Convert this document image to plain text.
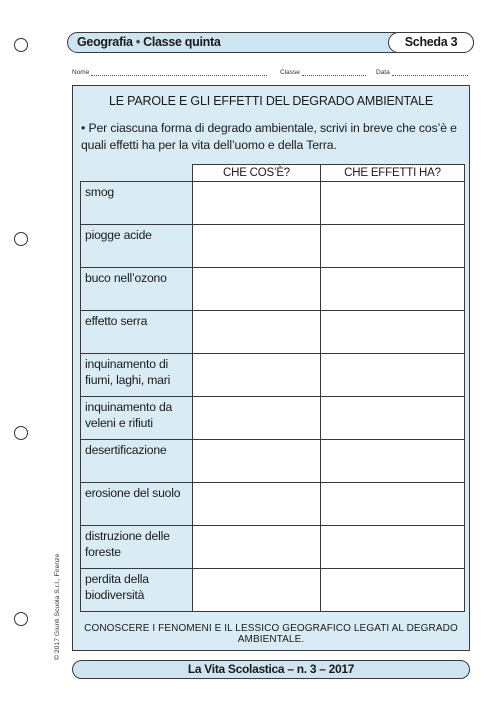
Geografia • Classe quinta	Scheda 3
Nome	Classe	Data
LE PAROLE E GLI EFFETTI DEL DEGRADO AMBIENTALE
• Per ciascuna forma di degrado ambientale, scrivi in breve che cos’è e quali effetti ha per la vita dell’uomo e della Terra.
	CHE COS’È?	CHE EFFETTI HA?
smog		
piogge acide		
buco nell’ozono		
effetto serra		
inquinamento di fiumi, laghi, mari		
inquinamento da veleni e rifiuti		
desertificazione		
erosione del suolo		
distruzione delle foreste		
perdita della biodiversità		
CONOSCERE I FENOMENI E IL LESSICO GEOGRAFICO LEGATI AL DEGRADO AMBIENTALE.
La Vita Scolastica – n. 3 – 2017
© 2017 Giunti Scuola S.r.l., Firenze
